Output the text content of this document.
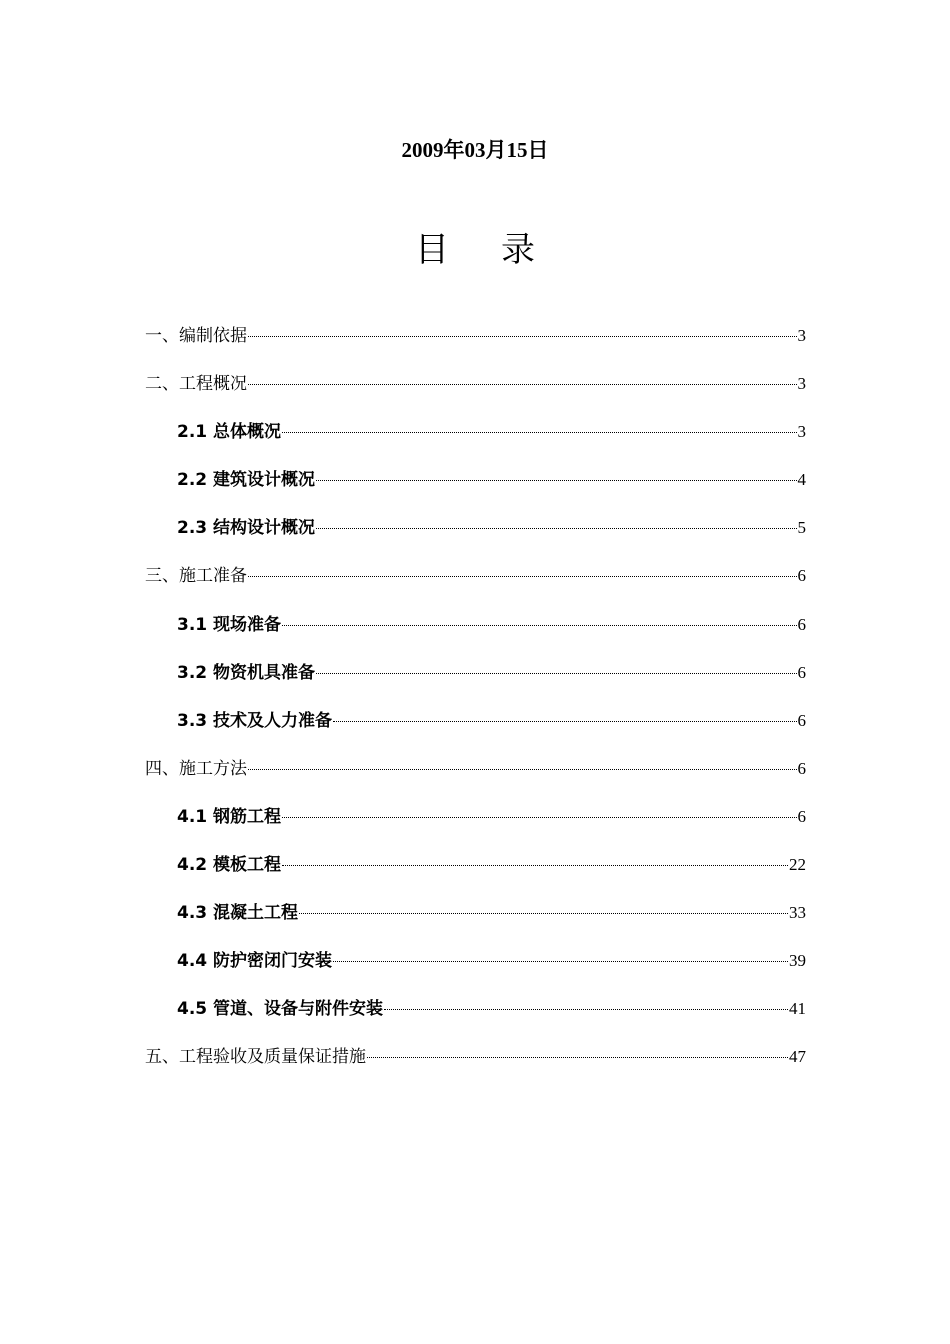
2009年03月15日
目 录
一、编制依据	3
二、工程概况	3
2.1 总体概况	3
2.2 建筑设计概况	4
2.3 结构设计概况	5
三、施工准备	6
3.1 现场准备	6
3.2 物资机具准备	6
3.3 技术及人力准备	6
四、施工方法	6
4.1 钢筋工程	6
4.2 模板工程	22
4.3 混凝土工程	33
4.4 防护密闭门安装	39
4.5 管道、设备与附件安装	41
五、工程验收及质量保证措施	47
